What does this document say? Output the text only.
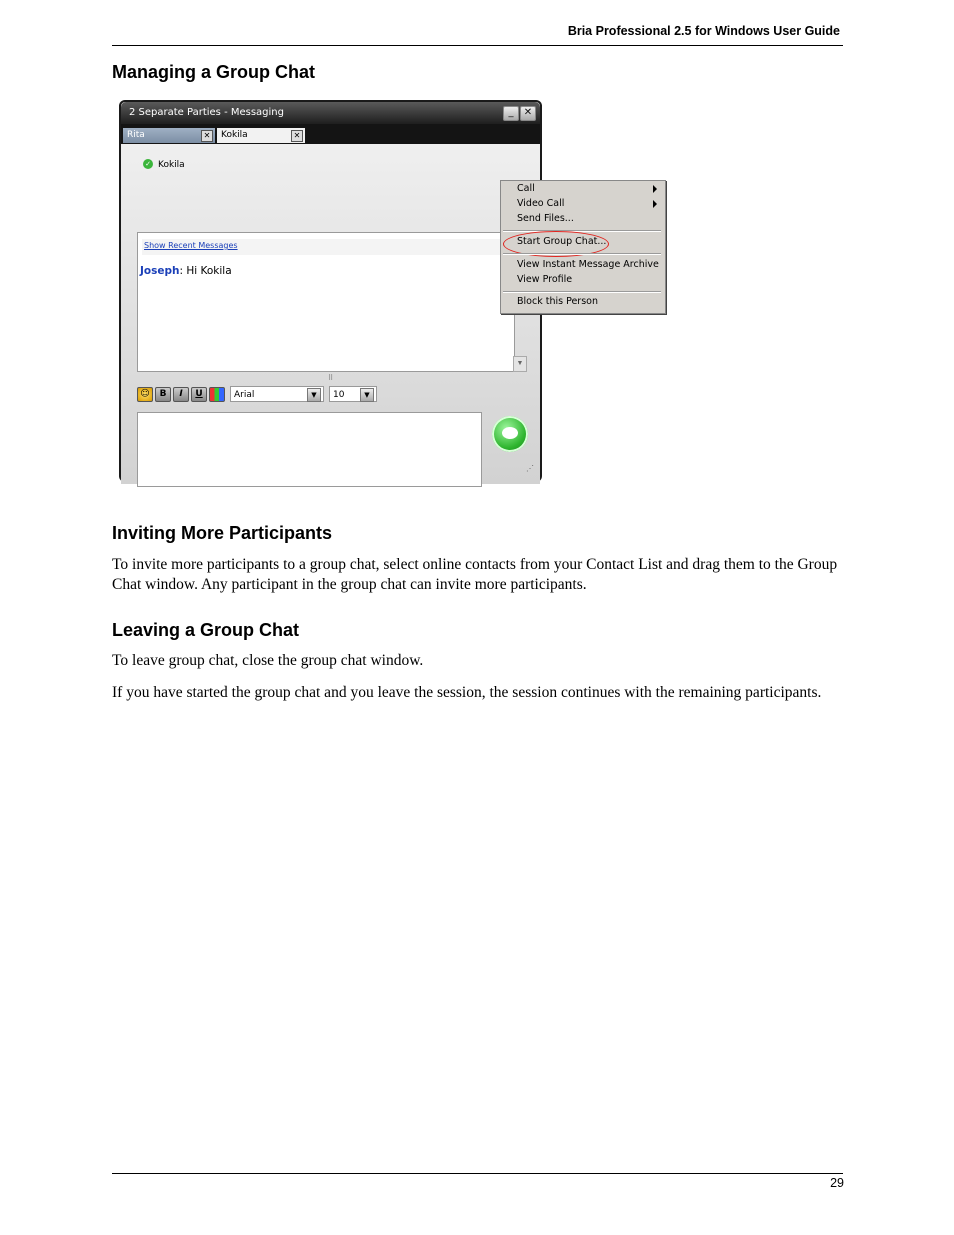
Bria Professional 2.5 for Windows User Guide
Managing a Group Chat
2 Separate Parties - Messaging	_	✕
Rita	✕	Kokila	✕
✓ Kokila
Show Recent Messages
Joseph: Hi Kokila
▼
⠿
☺	B	I	U	Arial	▼	10	▼
⋰
Call
Video Call
Send Files...
Start Group Chat...
View Instant Message Archive
View Profile
Block this Person
Inviting More Participants

To invite more participants to a group chat, select online contacts from your Contact List and drag them to the Group Chat window. Any participant in the group chat can invite more participants.

Leaving a Group Chat

To leave group chat, close the group chat window.

If you have started the group chat and you leave the session, the session continues with the remaining participants.

29
